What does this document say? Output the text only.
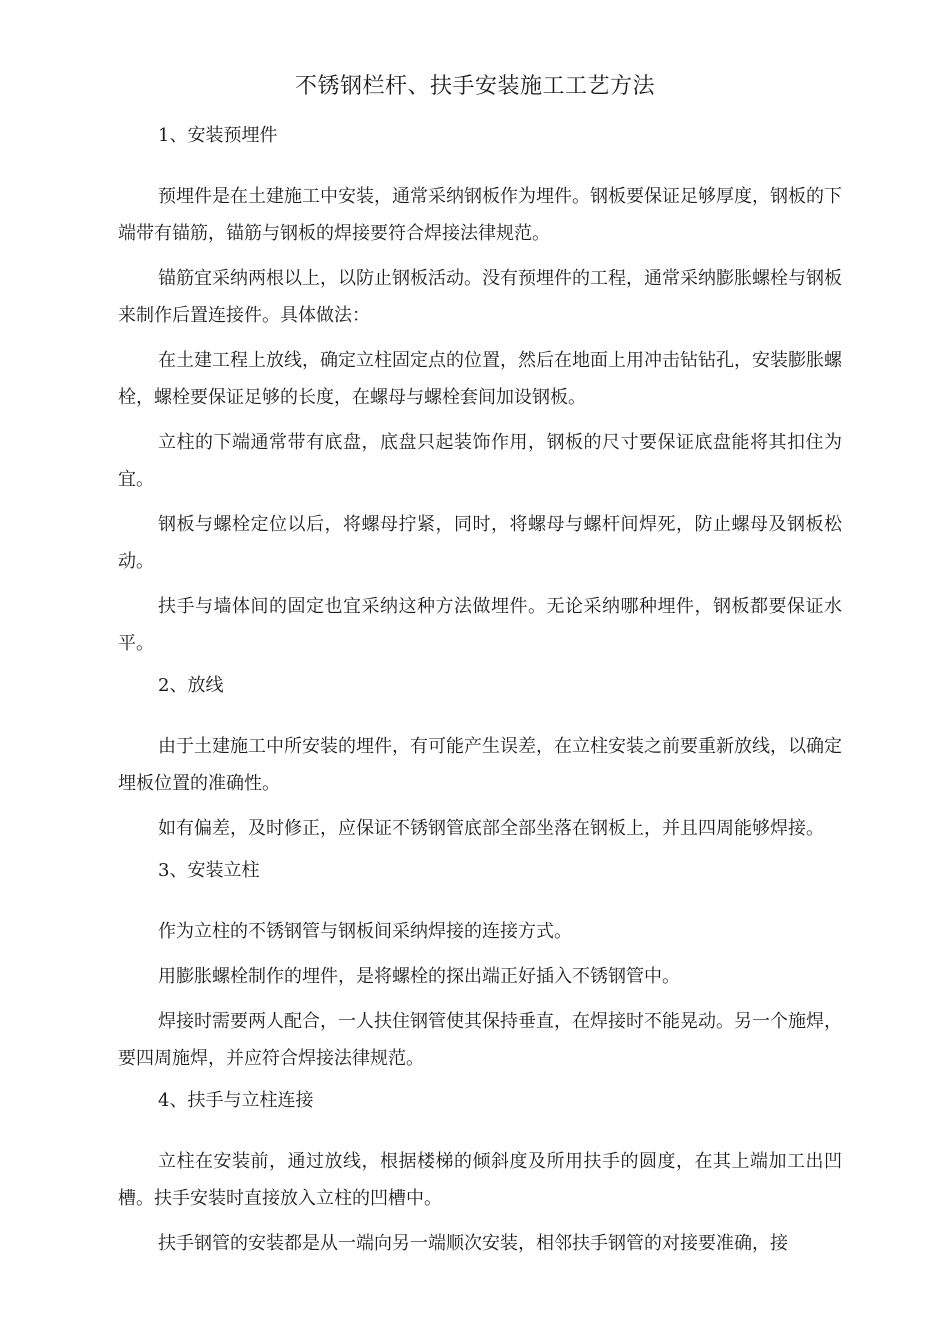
不锈钢栏杆、扶手安装施工工艺方法

1、安装预埋件

预埋件是在土建施工中安装，通常采纳钢板作为埋件。钢板要保证足够厚度，钢板的下端带有锚筋，锚筋与钢板的焊接要符合焊接法律规范。

锚筋宜采纳两根以上，以防止钢板活动。没有预埋件的工程，通常采纳膨胀螺栓与钢板来制作后置连接件。具体做法：

在土建工程上放线，确定立柱固定点的位置，然后在地面上用冲击钻钻孔，安装膨胀螺栓，螺栓要保证足够的长度，在螺母与螺栓套间加设钢板。

立柱的下端通常带有底盘，底盘只起装饰作用，钢板的尺寸要保证底盘能将其扣住为宜。

钢板与螺栓定位以后，将螺母拧紧，同时，将螺母与螺杆间焊死，防止螺母及钢板松动。

扶手与墙体间的固定也宜采纳这种方法做埋件。无论采纳哪种埋件，钢板都要保证水平。

2、放线

由于土建施工中所安装的埋件，有可能产生误差，在立柱安装之前要重新放线，以确定埋板位置的准确性。

如有偏差，及时修正，应保证不锈钢管底部全部坐落在钢板上，并且四周能够焊接。

3、安装立柱

作为立柱的不锈钢管与钢板间采纳焊接的连接方式。

用膨胀螺栓制作的埋件，是将螺栓的探出端正好插入不锈钢管中。

焊接时需要两人配合，一人扶住钢管使其保持垂直，在焊接时不能晃动。另一个施焊，要四周施焊，并应符合焊接法律规范。

4、扶手与立柱连接

立柱在安装前，通过放线，根据楼梯的倾斜度及所用扶手的圆度，在其上端加工出凹槽。扶手安装时直接放入立柱的凹槽中。

扶手钢管的安装都是从一端向另一端顺次安装，相邻扶手钢管的对接要准确，接
